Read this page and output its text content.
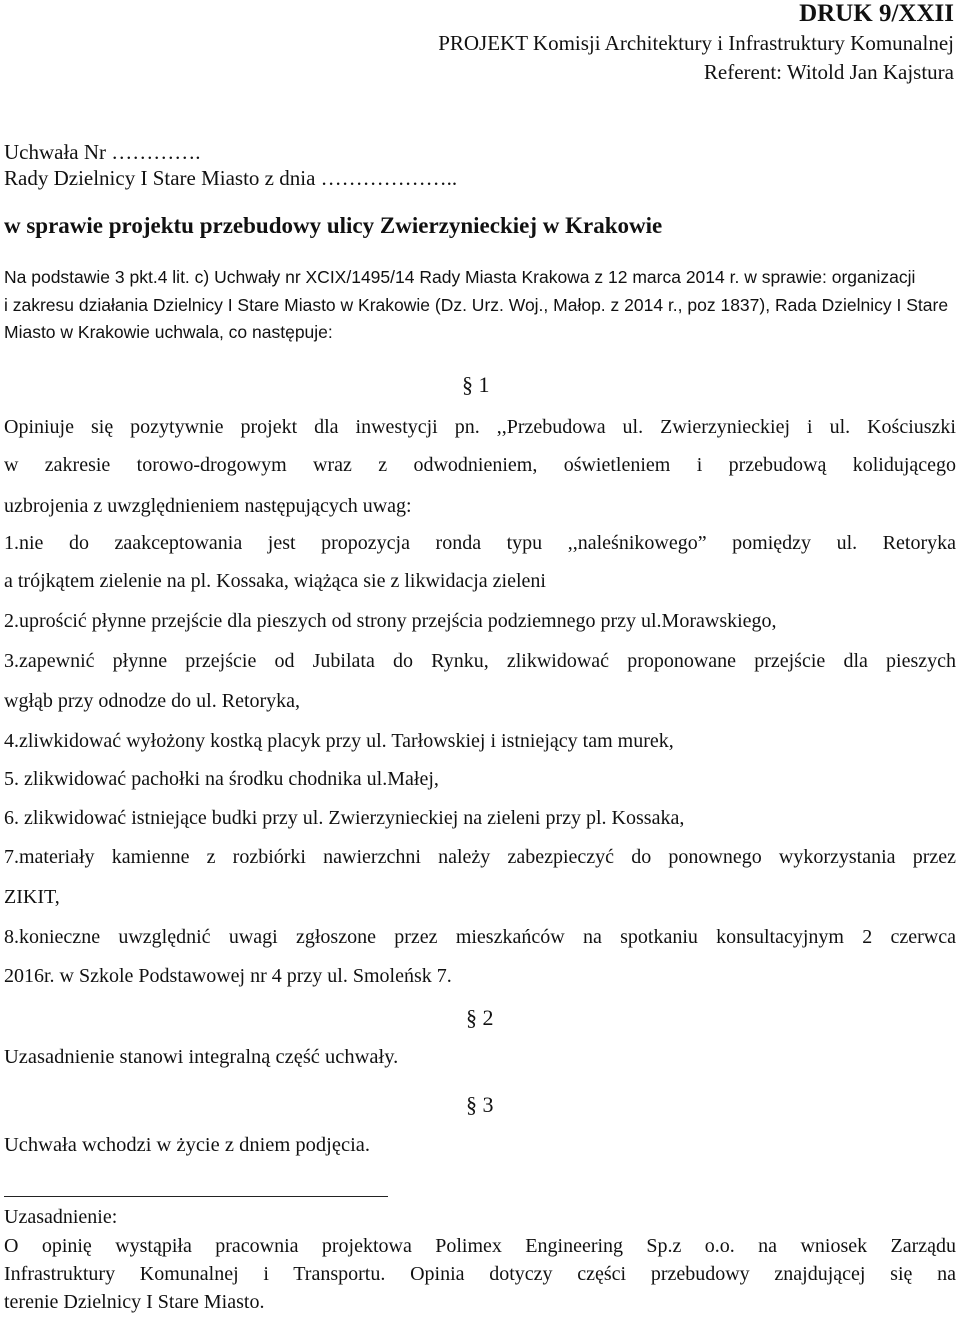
DRUK 9/XXII
PROJEKT Komisji Architektury i Infrastruktury Komunalnej
Referent: Witold Jan Kajstura
Uchwała Nr ………….
Rady Dzielnicy I Stare Miasto z dnia ………………..
w sprawie projektu przebudowy ulicy Zwierzynieckiej w Krakowie
Na podstawie 3 pkt.4 lit. c) Uchwały nr XCIX/1495/14 Rady Miasta Krakowa z 12 marca 2014 r. w sprawie: organizacji
i zakresu działania Dzielnicy I Stare Miasto w Krakowie (Dz. Urz. Woj., Małop. z 2014 r., poz 1837), Rada Dzielnicy I Stare
Miasto w Krakowie uchwala, co następuje:
§ 1
Opiniuje się pozytywnie projekt dla inwestycji pn. ,,Przebudowa ul. Zwierzynieckiej i ul. Kościuszki
w zakresie torowo-drogowym wraz z odwodnieniem, oświetleniem i przebudową kolidującego
uzbrojenia z uwzględnieniem następujących uwag:
1.nie do zaakceptowania jest propozycja ronda typu ,,naleśnikowego” pomiędzy ul. Retoryka
a trójkątem zielenie na pl. Kossaka, wiążąca sie z likwidacja zieleni
2.uprościć płynne przejście dla pieszych od strony przejścia podziemnego przy ul.Morawskiego,
3.zapewnić płynne przejście od Jubilata do Rynku, zlikwidować proponowane przejście dla pieszych
wgłąb przy odnodze do ul. Retoryka,
4.zliwkidować wyłożony kostką placyk przy ul. Tarłowskiej i istniejący tam murek,
5. zlikwidować pachołki na środku chodnika ul.Małej,
6. zlikwidować istniejące budki przy ul. Zwierzynieckiej na zieleni przy pl. Kossaka,
7.materiały kamienne z rozbiórki nawierzchni należy zabezpieczyć do ponownego wykorzystania przez
ZIKIT,
8.konieczne uwzględnić uwagi zgłoszone przez mieszkańców na spotkaniu konsultacyjnym 2 czerwca
2016r. w Szkole Podstawowej nr 4 przy ul. Smoleńsk 7.
§ 2
Uzasadnienie stanowi integralną część uchwały.
§ 3
Uchwała wchodzi w życie z dniem podjęcia.
Uzasadnienie:
O opinię wystąpiła pracownia projektowa Polimex Engineering Sp.z o.o. na wniosek Zarządu
Infrastruktury Komunalnej i Transportu. Opinia dotyczy części przebudowy znajdującej się na
terenie Dzielnicy I Stare Miasto.
